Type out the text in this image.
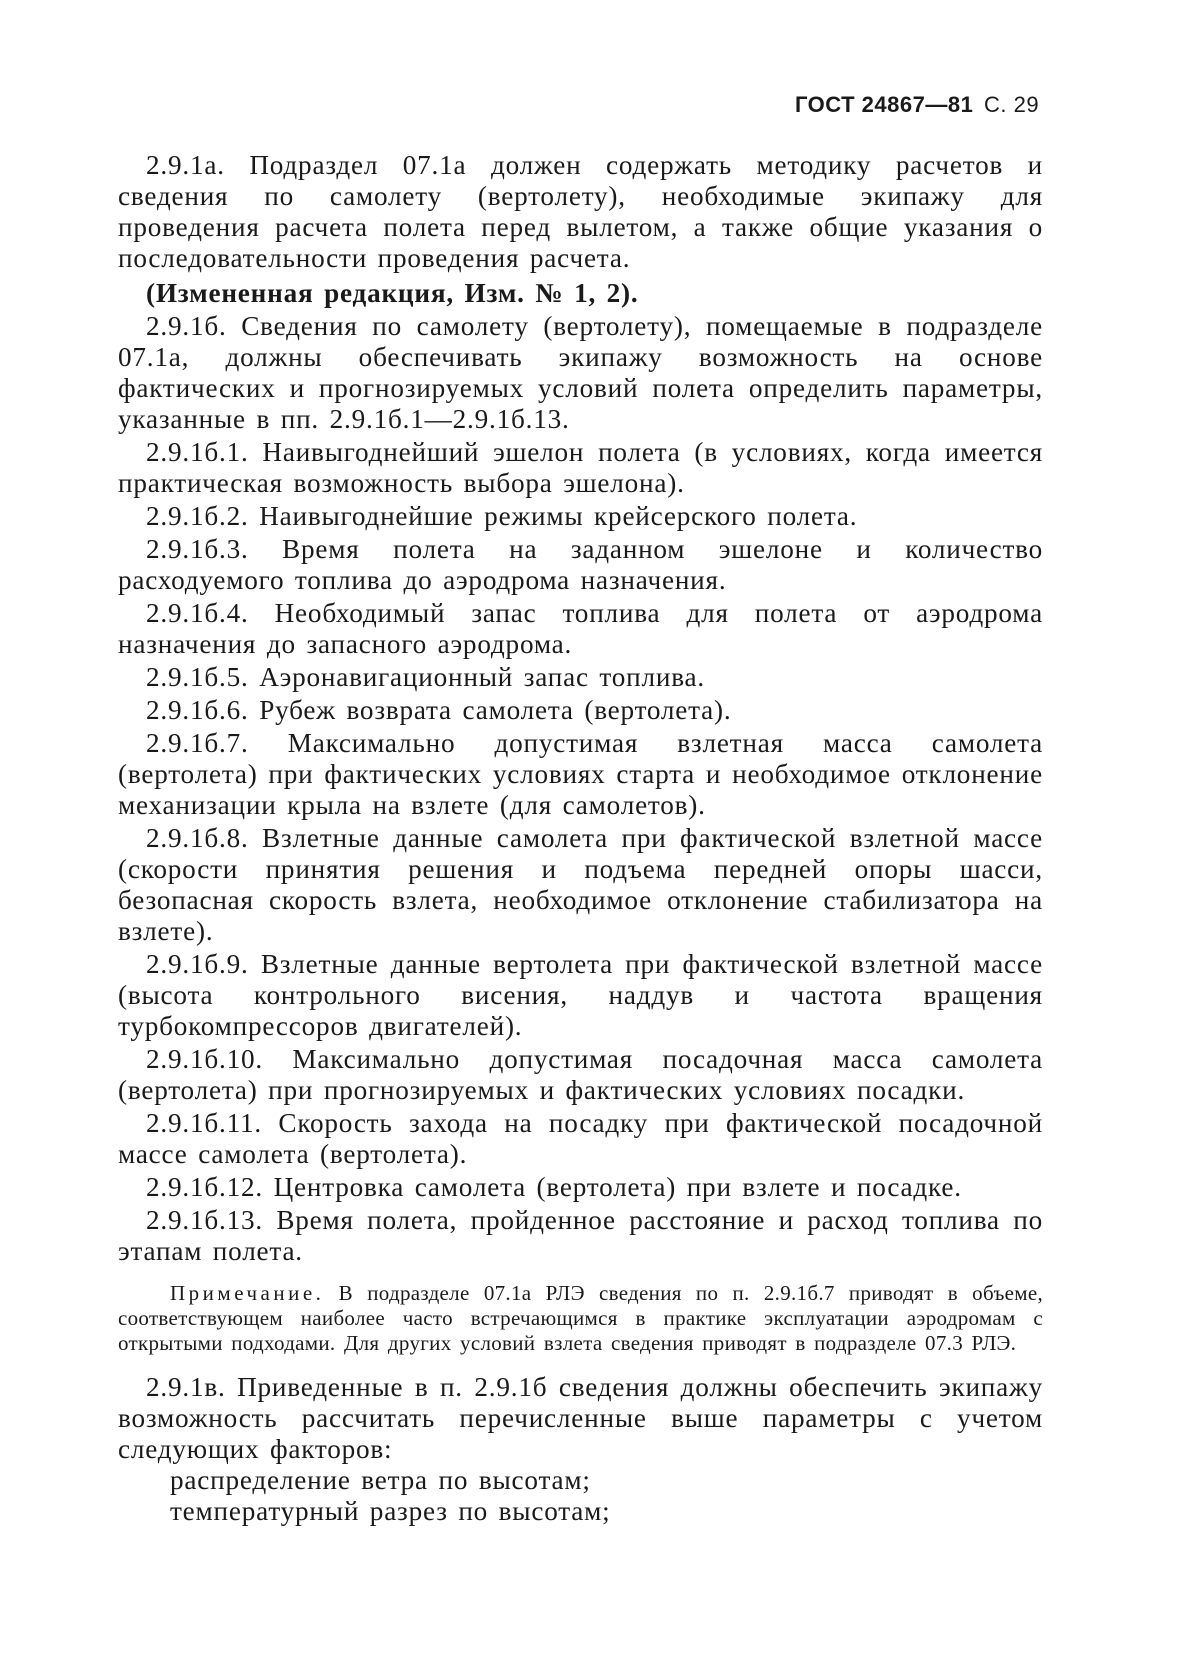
ГОСТ 24867—81 С. 29

2.9.1а. Подраздел 07.1а должен содержать методику расчетов и сведения по самолету (вертолету), необходимые экипажу для проведения расчета полета перед вылетом, а также общие указания о последовательности проведения расчета.

(Измененная редакция, Изм. № 1, 2).

2.9.1б. Сведения по самолету (вертолету), помещаемые в подразделе 07.1а, должны обеспечивать экипажу возможность на основе фактических и прогнозируемых условий полета определить параметры, указанные в пп. 2.9.1б.1—2.9.1б.13.

2.9.1б.1. Наивыгоднейший эшелон полета (в условиях, когда имеется практическая возможность выбора эшелона).

2.9.1б.2. Наивыгоднейшие режимы крейсерского полета.

2.9.1б.3. Время полета на заданном эшелоне и количество расходуемого топлива до аэродрома назначения.

2.9.1б.4. Необходимый запас топлива для полета от аэродрома назначения до запасного аэродрома.

2.9.1б.5. Аэронавигационный запас топлива.

2.9.1б.6. Рубеж возврата самолета (вертолета).

2.9.1б.7. Максимально допустимая взлетная масса самолета (вертолета) при фактических условиях старта и необходимое отклонение механизации крыла на взлете (для самолетов).

2.9.1б.8. Взлетные данные самолета при фактической взлетной массе (скорости принятия решения и подъема передней опоры шасси, безопасная скорость взлета, необходимое отклонение стабилизатора на взлете).

2.9.1б.9. Взлетные данные вертолета при фактической взлетной массе (высота контрольного висения, наддув и частота вращения турбокомпрессоров двигателей).

2.9.1б.10. Максимально допустимая посадочная масса самолета (вертолета) при прогнозируемых и фактических условиях посадки.

2.9.1б.11. Скорость захода на посадку при фактической посадочной массе самолета (вертолета).

2.9.1б.12. Центровка самолета (вертолета) при взлете и посадке.

2.9.1б.13. Время полета, пройденное расстояние и расход топлива по этапам полета.

Примечание. В подразделе 07.1а РЛЭ сведения по п. 2.9.1б.7 приводят в объеме, соответствующем наиболее часто встречающимся в практике эксплуатации аэродромам с открытыми подходами. Для других условий взлета сведения приводят в подразделе 07.3 РЛЭ.

2.9.1в. Приведенные в п. 2.9.1б сведения должны обеспечить экипажу возможность рассчитать перечисленные выше параметры с учетом следующих факторов:

распределение ветра по высотам;

температурный разрез по высотам;
